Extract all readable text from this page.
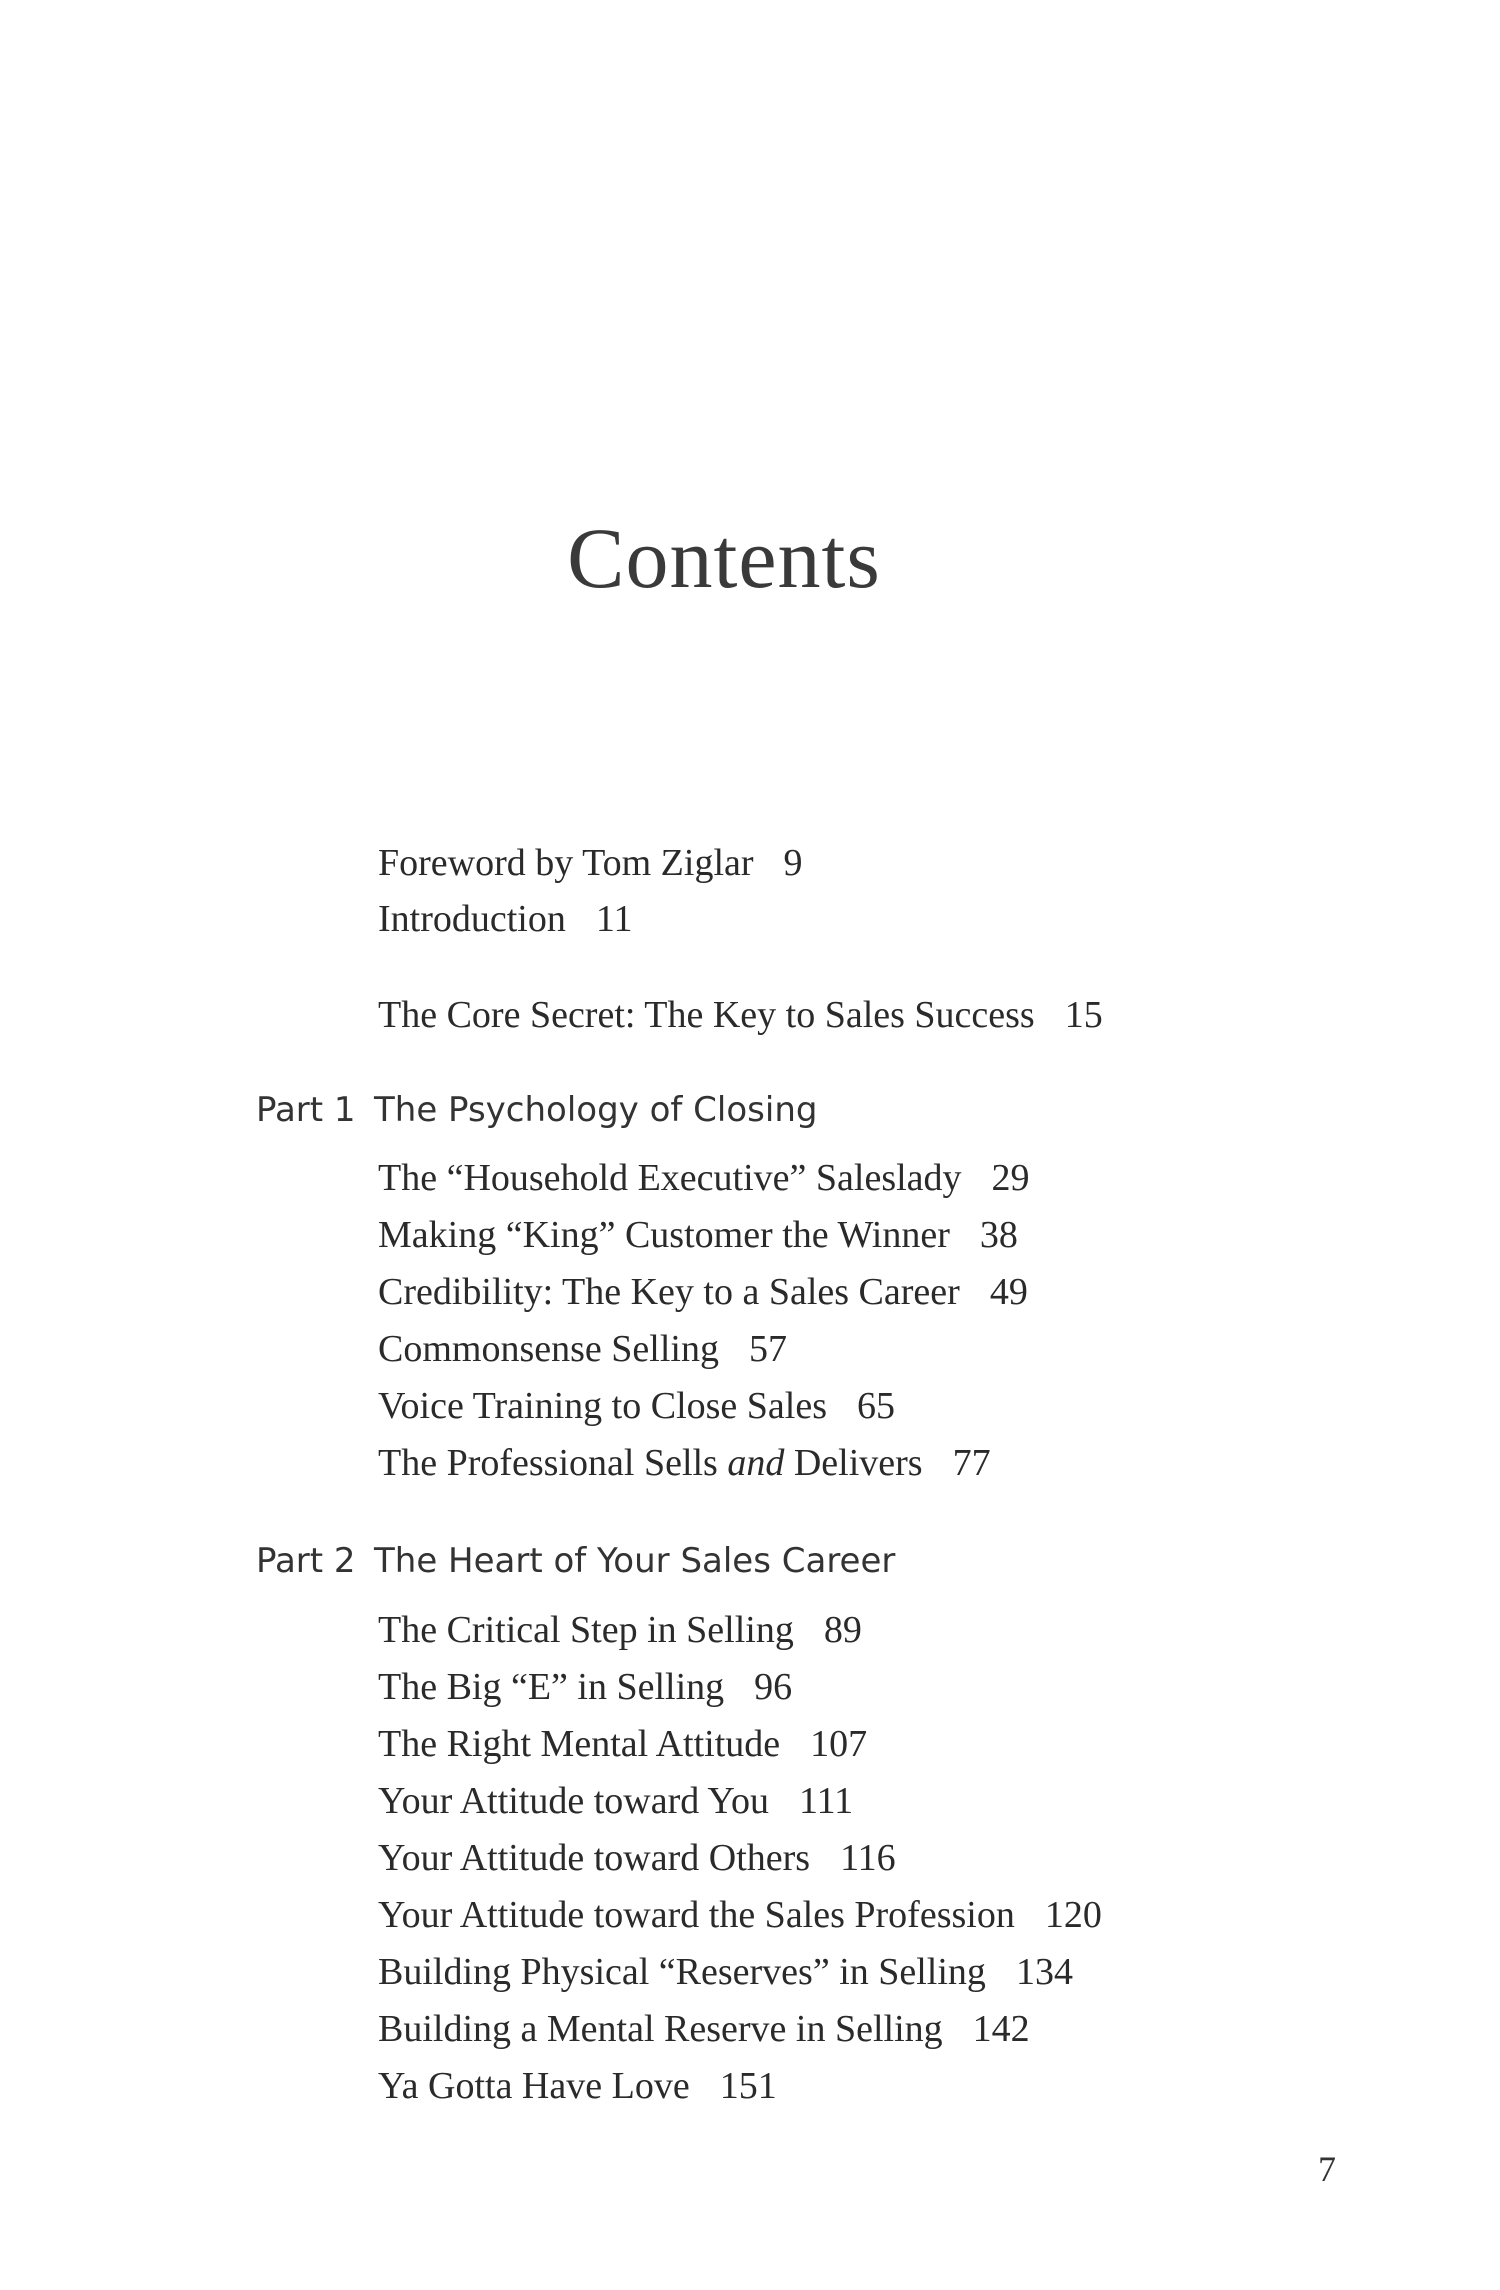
Contents
Foreword by Tom Ziglar 9
Introduction 11
The Core Secret: The Key to Sales Success 15
Part 1 The Psychology of Closing
The “Household Executive” Saleslady 29
Making “King” Customer the Winner 38
Credibility: The Key to a Sales Career 49
Commonsense Selling 57
Voice Training to Close Sales 65
The Professional Sells and Delivers 77
Part 2 The Heart of Your Sales Career
The Critical Step in Selling 89
The Big “E” in Selling 96
The Right Mental Attitude 107
Your Attitude toward You 111
Your Attitude toward Others 116
Your Attitude toward the Sales Profession 120
Building Physical “Reserves” in Selling 134
Building a Mental Reserve in Selling 142
Ya Gotta Have Love 151
7
